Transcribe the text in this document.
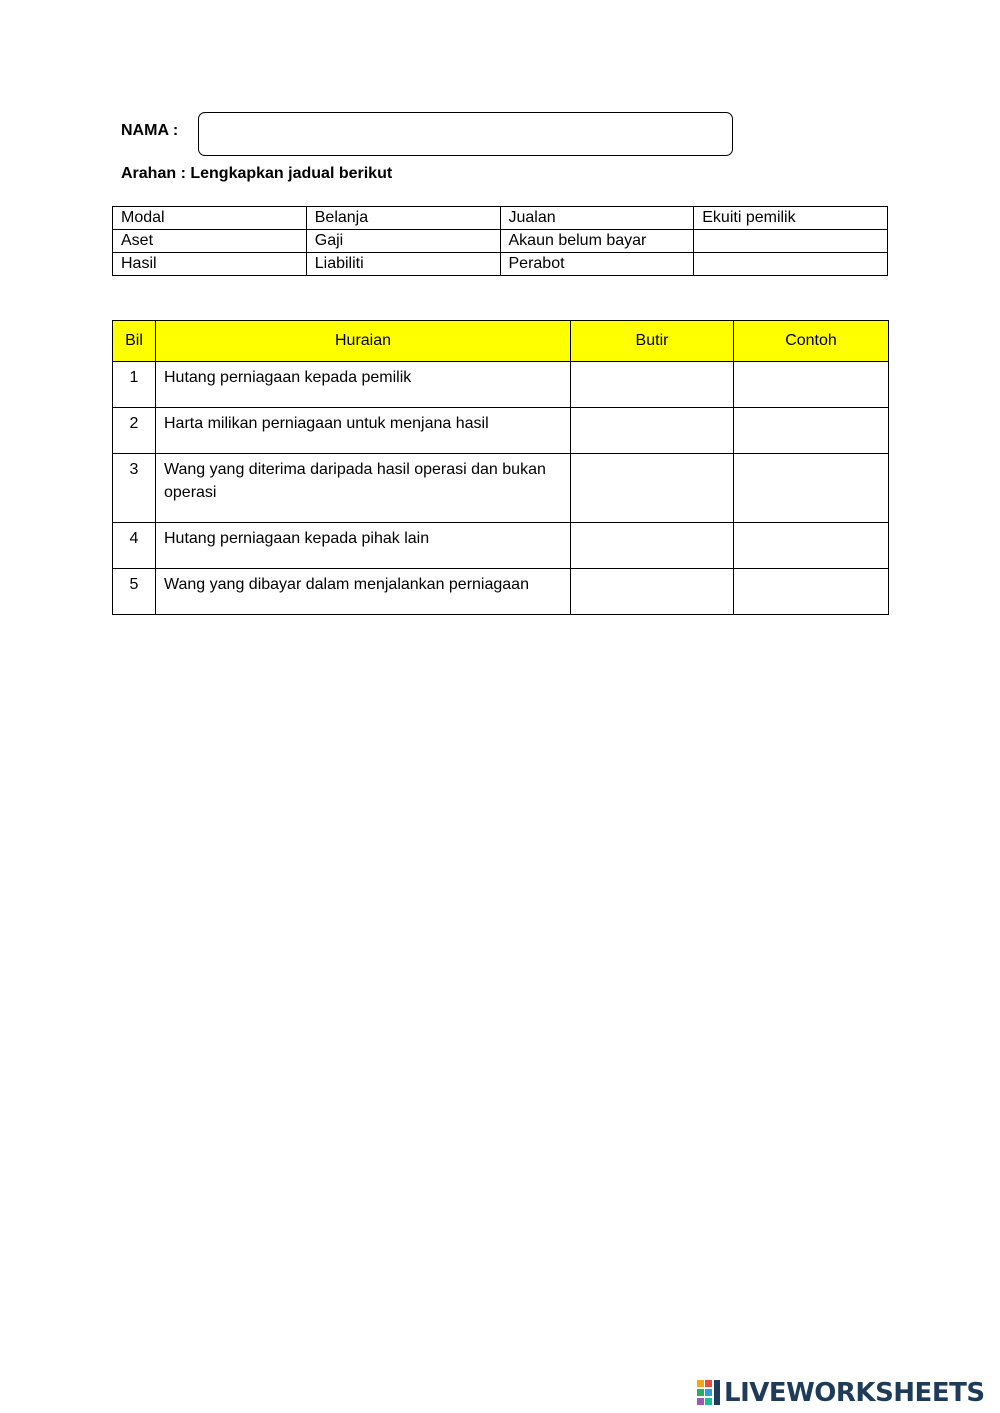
NAMA :
Arahan : Lengkapkan jadual berikut
Modal	Belanja	Jualan	Ekuiti pemilik
Aset	Gaji	Akaun belum bayar	
Hasil	Liabiliti	Perabot	
Bil	Huraian	Butir	Contoh
1	Hutang perniagaan kepada pemilik		
2	Harta milikan perniagaan untuk menjana hasil		
3	Wang yang diterima daripada hasil operasi dan bukan operasi		
4	Hutang perniagaan kepada pihak lain		
5	Wang yang dibayar dalam menjalankan perniagaan		
LIVEWORKSHEETS
